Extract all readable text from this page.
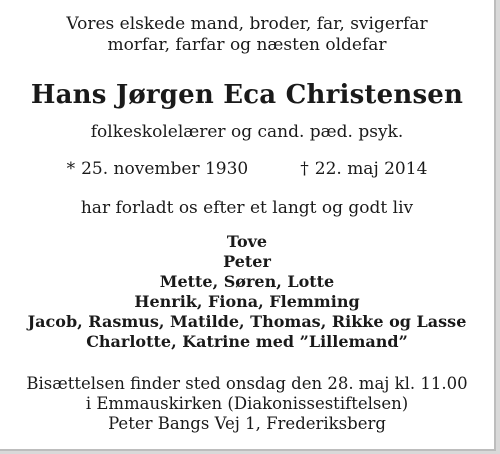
Vores elskede mand, broder, far, svigerfar
morfar, farfar og næsten oldefar
Hans Jørgen Eca Christensen
folkeskolelærer og cand. pæd. psyk.
* 25. november 1930	† 22. maj 2014
har forladt os efter et langt og godt liv
Tove
Peter
Mette, Søren, Lotte
Henrik, Fiona, Flemming
Jacob, Rasmus, Matilde, Thomas, Rikke og Lasse
Charlotte, Katrine med ”Lillemand”
Bisættelsen finder sted onsdag den 28. maj kl. 11.00
i Emmauskirken (Diakonissestiftelsen)
Peter Bangs Vej 1, Frederiksberg
